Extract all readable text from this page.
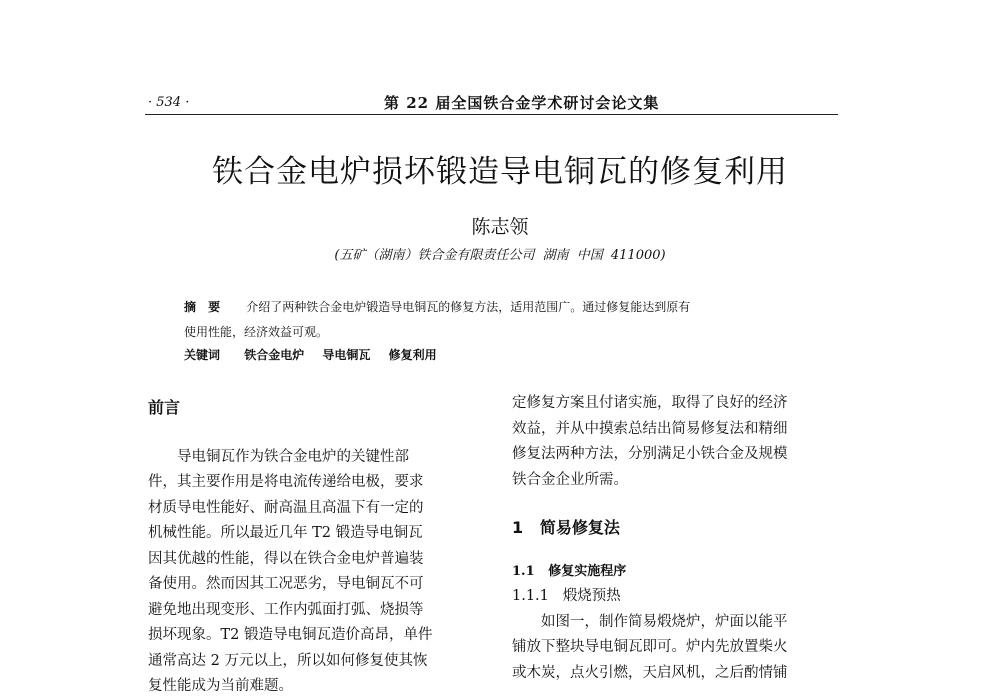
· 534 ·	第 22 届全国铁合金学术研讨会论文集
铁合金电炉损坏锻造导电铜瓦的修复利用
陈志领
(五矿（湖南）铁合金有限责任公司 湖南 中国 411000)
摘 要 介绍了两种铁合金电炉锻造导电铜瓦的修复方法，适用范围广。通过修复能达到原有
使用性能，经济效益可观。
关键词 铁合金电炉 导电铜瓦 修复利用
前言
导电铜瓦作为铁合金电炉的关键性部
件，其主要作用是将电流传递给电极，要求
材质导电性能好、耐高温且高温下有一定的
机械性能。所以最近几年 T2 锻造导电铜瓦
因其优越的性能，得以在铁合金电炉普遍装
备使用。然而因其工况恶劣，导电铜瓦不可
避免地出现变形、工作内弧面打弧、烧损等
损坏现象。T2 锻造导电铜瓦造价高昂，单件
通常高达 2 万元以上，所以如何修复使其恢
复性能成为当前难题。
定修复方案且付诸实施，取得了良好的经济
效益，并从中摸索总结出简易修复法和精细
修复法两种方法，分别满足小铁合金及规模
铁合金企业所需。
1   简易修复法
1.1   修复实施程序
1.1.1   煅烧预热
如图一，制作简易煅烧炉，炉面以能平
铺放下整块导电铜瓦即可。炉内先放置柴火
或木炭，点火引燃，天启风机，之后酌情铺
